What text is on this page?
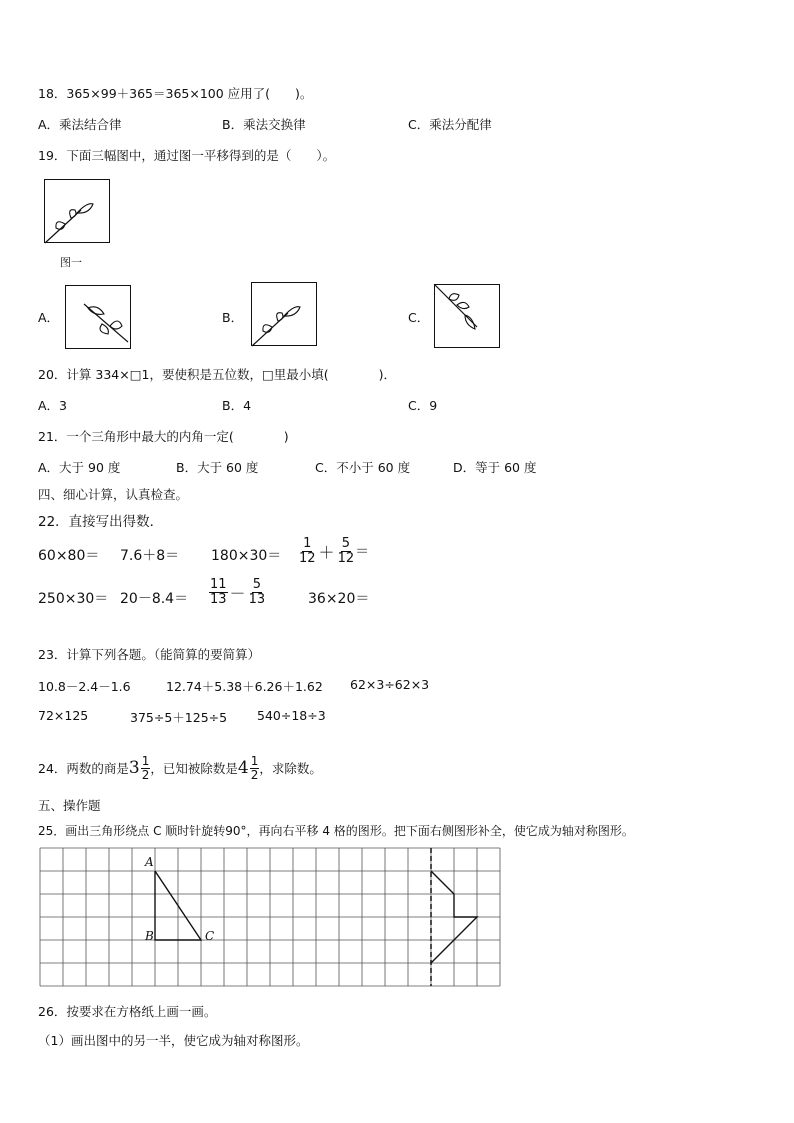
18．365×99＋365＝365×100 应用了(　　)。
A．乘法结合律	B．乘法交换律	C．乘法分配律
19．下面三幅图中，通过图一平移得到的是（　　）。
图一
A．	B．	C．
20．计算 334×□1，要使积是五位数，□里最小填(　　　　)．
A．3	B．4	C．9
21．一个三角形中最大的内角一定(　　　　)
A．大于 90 度	B．大于 60 度	C．不小于 60 度	D．等于 60 度
四、细心计算，认真检查。
22．直接写出得数．
$60\times 80= 7.6+8= 180\times 30= \frac{1}{12} + \frac{5}{12}$ ＝
$250\times 30= 20-8.4= \frac{11}{13} - \frac{5}{13}$	36×20＝
23．计算下列各题。（能简算的要简算）
10.8－2.4－1.6	12.74＋5.38＋6.26＋1.62 62×3÷62×3
72×125	375÷5＋125÷5 540÷18÷3
24．两数的商是 $3 \frac{1}{2}$ ，已知被除数是 $4 \frac{1}{2}$ ，求除数。
五、操作题
25．画出三角形绕点 C 顺时针旋转90°，再向右平移 4 格的图形。把下面右侧图形补全，使它成为轴对称图形。
A
B	C
26．按要求在方格纸上画一画。
（1）画出图中的另一半，使它成为轴对称图形。
